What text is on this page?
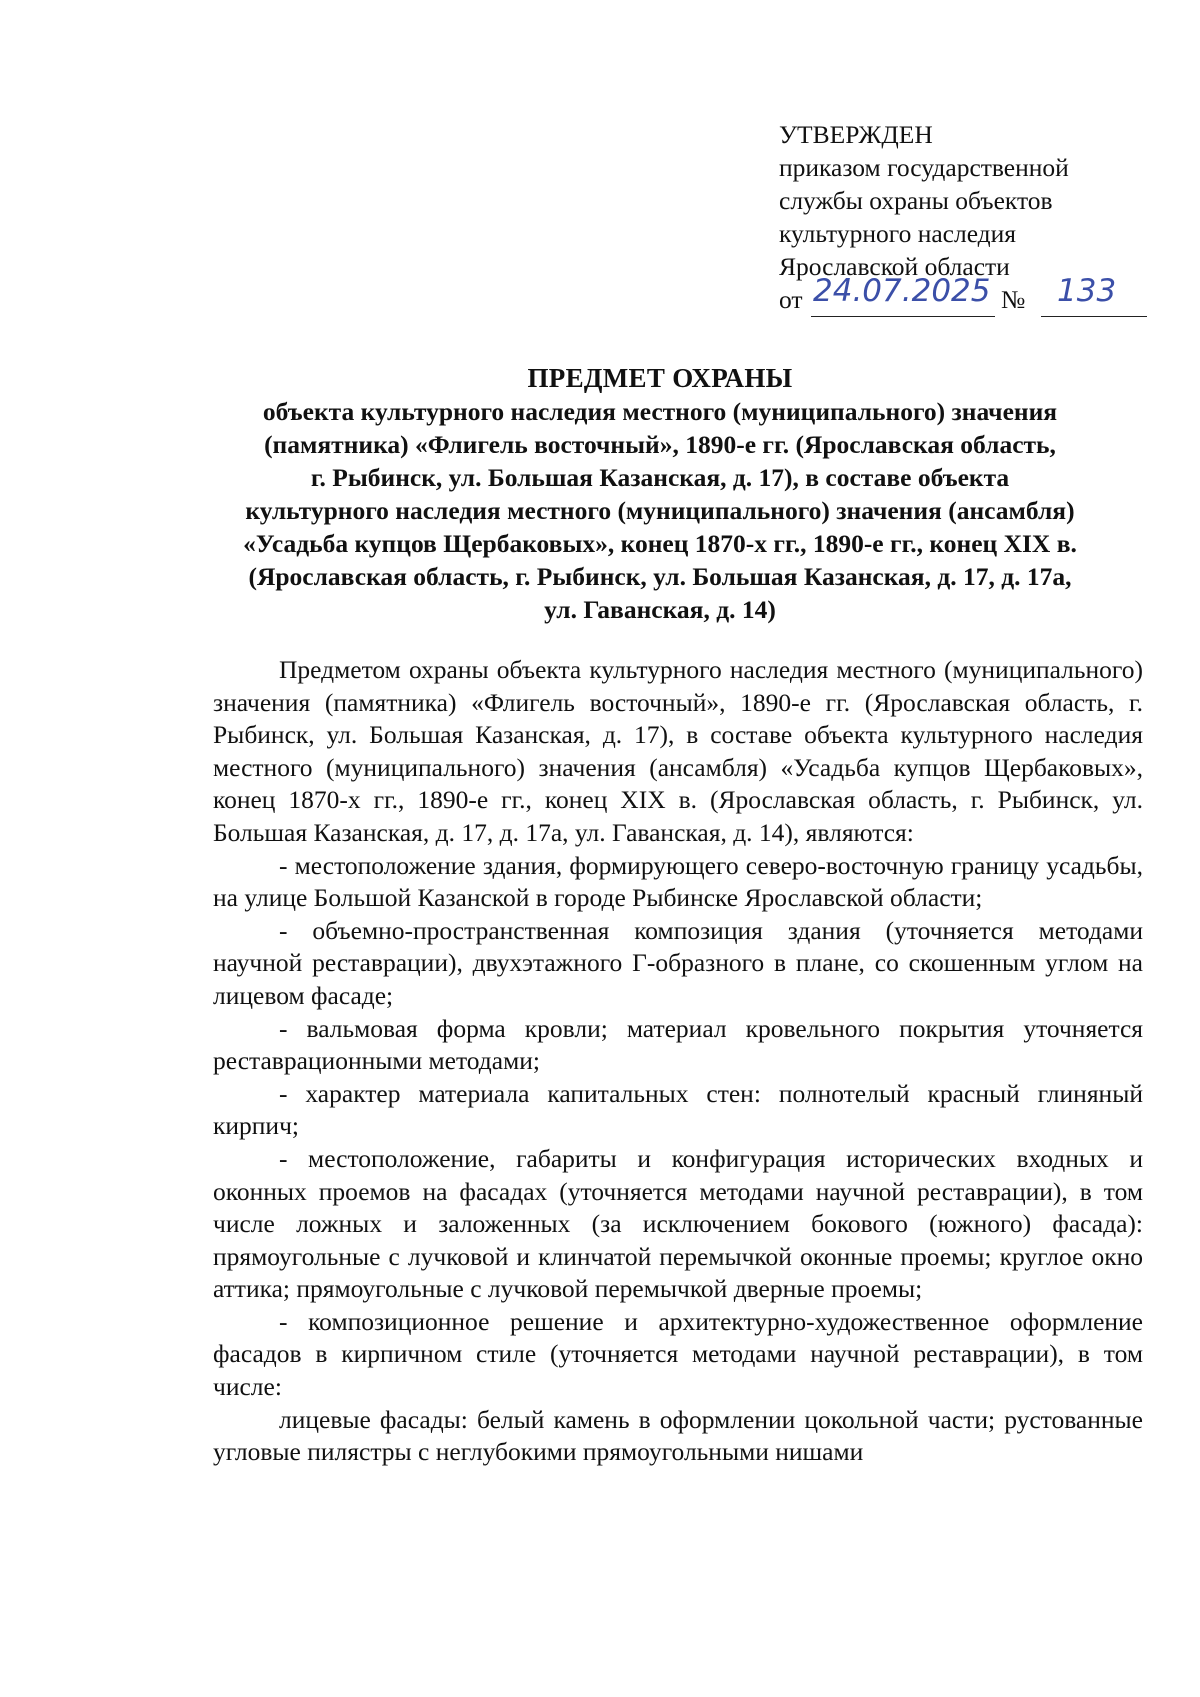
УТВЕРЖДЕН
приказом государственной
службы охраны объектов
культурного наследия
Ярославской области
от 24.07.2025 № 133
ПРЕДМЕТ ОХРАНЫ
объекта культурного наследия местного (муниципального) значения
(памятника) «Флигель восточный», 1890-е гг. (Ярославская область,
г. Рыбинск, ул. Большая Казанская, д. 17), в составе объекта
культурного наследия местного (муниципального) значения (ансамбля)
«Усадьба купцов Щербаковых», конец 1870-х гг., 1890-е гг., конец XIX в.
(Ярославская область, г. Рыбинск, ул. Большая Казанская, д. 17, д. 17а,
ул. Гаванская, д. 14)

Предметом охраны объекта культурного наследия местного (муниципального) значения (памятника) «Флигель восточный», 1890-е гг. (Ярославская область, г. Рыбинск, ул. Большая Казанская, д. 17), в составе объекта культурного наследия местного (муниципального) значения (ансамбля) «Усадьба купцов Щербаковых», конец 1870-х гг., 1890-е гг., конец XIX в. (Ярославская область, г. Рыбинск, ул. Большая Казанская, д. 17, д. 17а, ул. Гаванская, д. 14), являются:

- местоположение здания, формирующего северо-восточную границу усадьбы, на улице Большой Казанской в городе Рыбинске Ярославской области;

- объемно-пространственная композиция здания (уточняется методами научной реставрации), двухэтажного Г-образного в плане, со скошенным углом на лицевом фасаде;

- вальмовая форма кровли; материал кровельного покрытия уточняется реставрационными методами;

- характер материала капитальных стен: полнотелый красный глиняный кирпич;

- местоположение, габариты и конфигурация исторических входных и оконных проемов на фасадах (уточняется методами научной реставрации), в том числе ложных и заложенных (за исключением бокового (южного) фасада): прямоугольные с лучковой и клинчатой перемычкой оконные проемы; круглое окно аттика; прямоугольные с лучковой перемычкой дверные проемы;

- композиционное решение и архитектурно-художественное оформление фасадов в кирпичном стиле (уточняется методами научной реставрации), в том числе:

лицевые фасады: белый камень в оформлении цокольной части; рустованные угловые пилястры с неглубокими прямоугольными нишами
